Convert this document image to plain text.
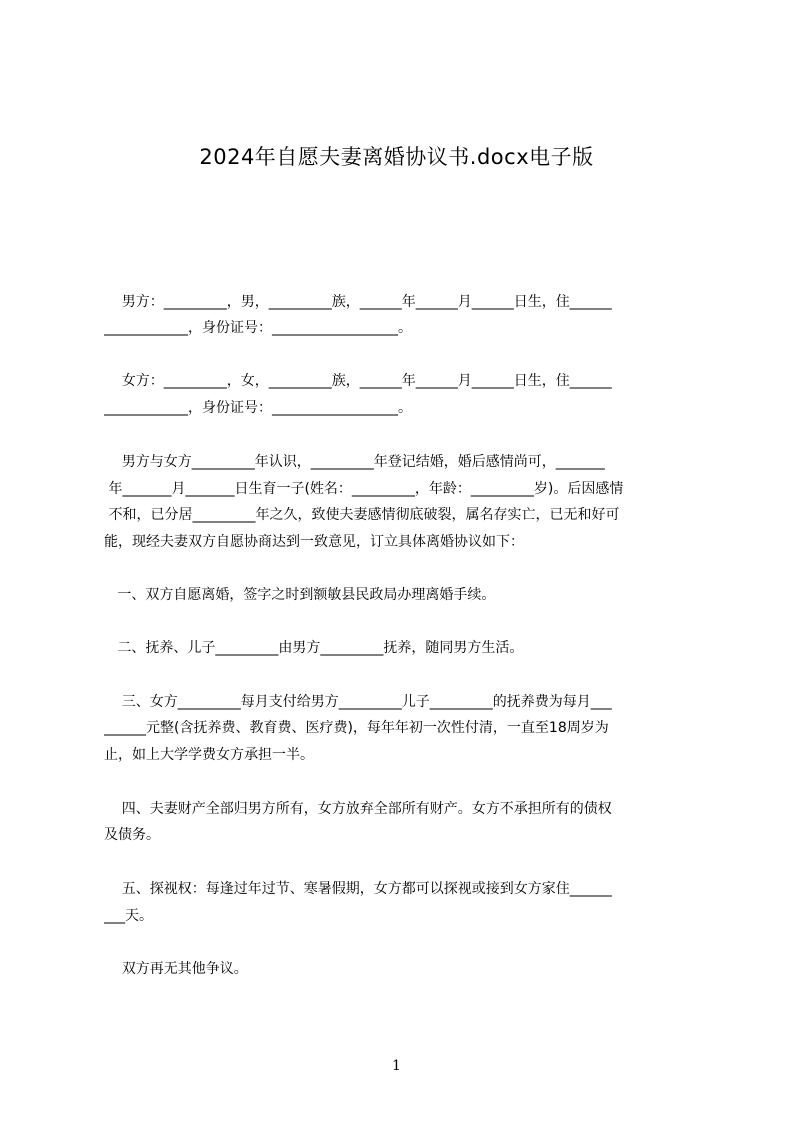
2024年自愿夫妻离婚协议书.docx电子版
男方：_________，男，_________族，______年______月______日生，住______
____________，身份证号：__________________。
女方：_________，女，_________族，______年______月______日生，住______
____________，身份证号：__________________。
男方与女方_________年认识，_________年登记结婚，婚后感情尚可，_______
年_______月_______日生育一子(姓名：_________，年龄：_________岁)。后因感情
不和，已分居_________年之久，致使夫妻感情彻底破裂，属名存实亡，已无和好可
能，现经夫妻双方自愿协商达到一致意见，订立具体离婚协议如下：
一、双方自愿离婚，签字之时到额敏县民政局办理离婚手续。
二、抚养、儿子_________由男方_________抚养，随同男方生活。
三、女方_________每月支付给男方_________儿子_________的抚养费为每月___
______元整(含抚养费、教育费、医疗费)，每年年初一次性付清，一直至18周岁为
止，如上大学学费女方承担一半。
四、夫妻财产全部归男方所有，女方放弃全部所有财产。女方不承担所有的债权
及债务。
五、探视权：每逢过年过节、寒暑假期，女方都可以探视或接到女方家住______
___天。
双方再无其他争议。
1
